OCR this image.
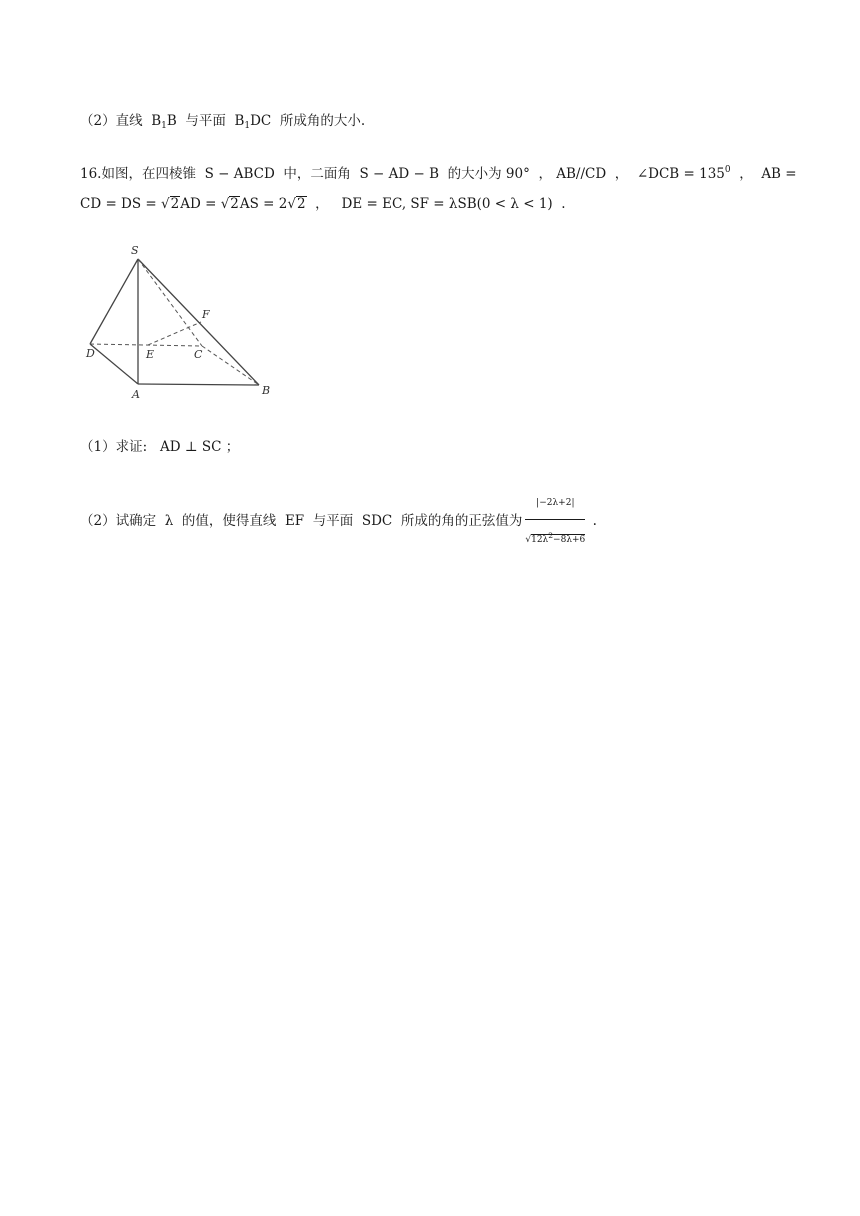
（2）直线 $B_1B$ 与平面 $B_1DC$ 所成角的大小.
16.如图，在四棱锥 S − ABCD 中，二面角 S − AD − B 的大小为 90° ， AB//CD ， ∠DCB = $135^0$ ， AB =
CD = DS = √2AD = √2AS = 2√2 ， DE = EC, SF = λSB(0 < λ < 1) .
S
F
D	E	C
A	B
（1）求证: AD ⊥ SC ；
（2）试确定 λ 的值，使得直线 EF 与平面 SDC 所成的角的正弦值为 $\frac{|-2\lambda+2|}{√12\lambda^2-8\lambda+6}$ .
